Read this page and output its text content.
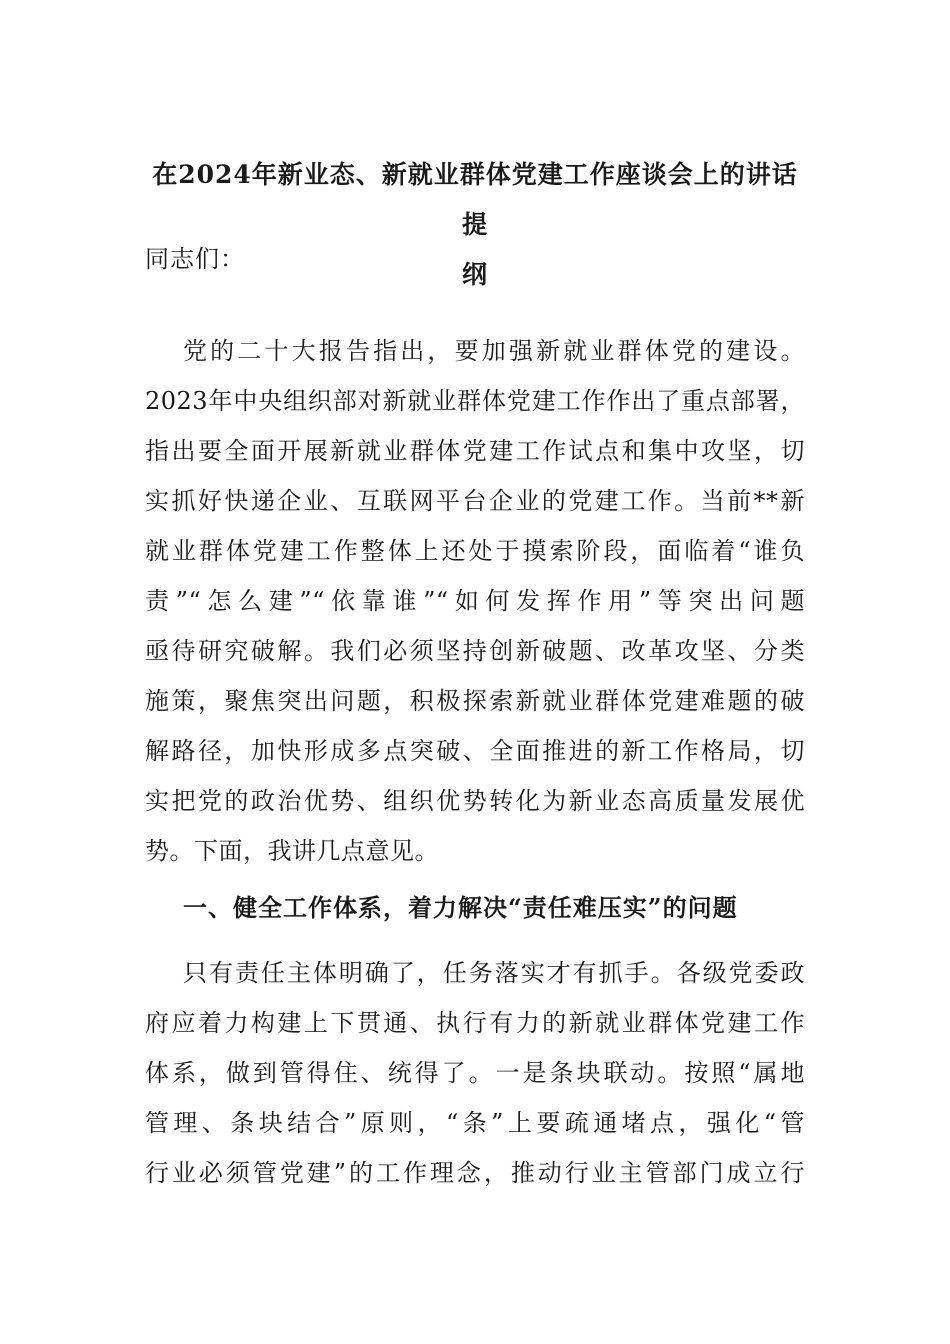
在2024年新业态、新就业群体党建工作座谈会上的讲话提
纲
同志们：
党的二十大报告指出，要加强新就业群体党的建设。
2023年中央组织部对新就业群体党建工作作出了重点部署，
指出要全面开展新就业群体党建工作试点和集中攻坚，切
实抓好快递企业、互联网平台企业的党建工作。当前**新
就业群体党建工作整体上还处于摸索阶段，面临着“谁负
责”“怎么建”“依靠谁”“如何发挥作用”等突出问题
亟待研究破解。我们必须坚持创新破题、改革攻坚、分类
施策，聚焦突出问题，积极探索新就业群体党建难题的破
解路径，加快形成多点突破、全面推进的新工作格局，切
实把党的政治优势、组织优势转化为新业态高质量发展优
势。下面，我讲几点意见。
一、健全工作体系，着力解决“责任难压实”的问题
只有责任主体明确了，任务落实才有抓手。各级党委政
府应着力构建上下贯通、执行有力的新就业群体党建工作
体系，做到管得住、统得了。一是条块联动。按照“属地
管理、条块结合”原则，“条”上要疏通堵点，强化“管
行业必须管党建”的工作理念，推动行业主管部门成立行
